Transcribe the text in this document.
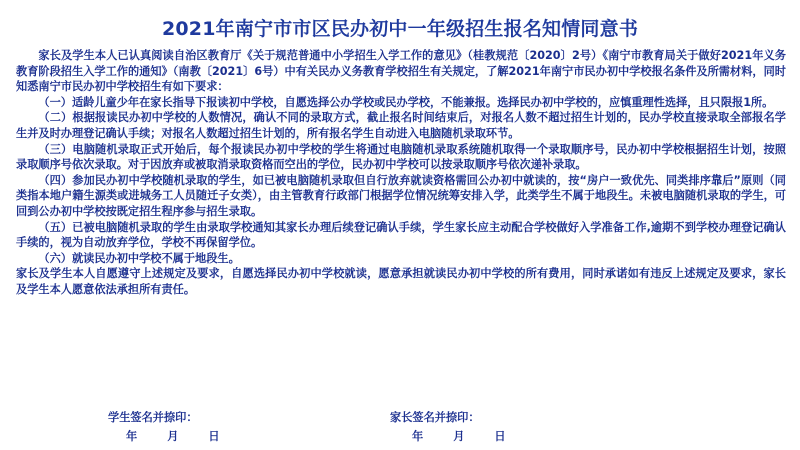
2021年南宁市市区民办初中一年级招生报名知情同意书

家长及学生本人已认真阅读自治区教育厅《关于规范普通中小学招生入学工作的意见》（桂教规范〔2020〕2号）《南宁市教育局关于做好2021年义务教育阶段招生入学工作的通知》（南教〔2021〕6号）中有关民办义务教育学校招生有关规定，了解2021年南宁市民办初中学校报名条件及所需材料，同时知悉南宁市民办初中学校招生有如下要求：

（一）适龄儿童少年在家长指导下报读初中学校，自愿选择公办学校或民办学校，不能兼报。选择民办初中学校的，应慎重理性选择，且只限报1所。

（二）根据报读民办初中学校的人数情况，确认不同的录取方式，截止报名时间结束后，对报名人数不超过招生计划的，民办学校直接录取全部报名学生并及时办理登记确认手续；对报名人数超过招生计划的，所有报名学生自动进入电脑随机录取环节。

（三）电脑随机录取正式开始后，每个报读民办初中学校的学生将通过电脑随机录取系统随机取得一个录取顺序号，民办初中学校根据招生计划，按照录取顺序号依次录取。对于因放弃或被取消录取资格而空出的学位，民办初中学校可以按录取顺序号依次递补录取。

（四）参加民办初中学校随机录取的学生，如已被电脑随机录取但自行放弃就读资格需回公办初中就读的，按“房户一致优先、同类排序靠后”原则（同类指本地户籍生源类或进城务工人员随迁子女类），由主管教育行政部门根据学位情况统筹安排入学，此类学生不属于地段生。未被电脑随机录取的学生，可回到公办初中学校按既定招生程序参与招生录取。

（五）已被电脑随机录取的学生由录取学校通知其家长办理后续登记确认手续，学生家长应主动配合学校做好入学准备工作,逾期不到学校办理登记确认手续的，视为自动放弃学位，学校不再保留学位。

（六）就读民办初中学校不属于地段生。

家长及学生本人自愿遵守上述规定及要求，自愿选择民办初中学校就读，愿意承担就读民办初中学校的所有费用，同时承诺如有违反上述规定及要求，家长及学生本人愿意依法承担所有责任。

学生签名并捺印：
年	月	日
家长签名并捺印：
年	月	日
